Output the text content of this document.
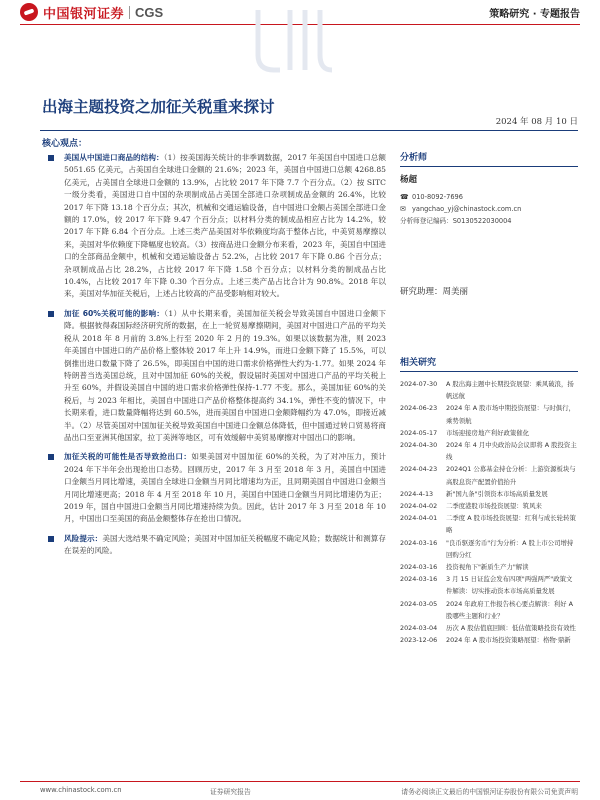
中国银河证券 CGS	策略研究 · 专题报告
出海主题投资之加征关税重来探讨
2024 年 08 月 10 日
核心观点：
美国从中国进口商品的结构：（1）按美国海关统计的非季调数据，2017 年美国自中国进口总额 5051.65 亿美元，占美国自全球进口金额的 21.6%；2023 年，美国自中国进口总额 4268.85 亿美元，占美国自全球进口金额的 13.9%，占比较 2017 年下降 7.7 个百分点。（2）按 SITC 一级分类看，美国进口自中国的杂项制成品占美国全部进口杂项制成品金额的 26.4%，比较 2017 年下降 13.18 个百分点；其次，机械和交通运输设备，自中国进口金额占美国全部进口金额的 17.0%，较 2017 年下降 9.47 个百分点；以材料分类的制成品相应占比为 14.2%，较 2017 年下降 6.84 个百分点。上述三类产品美国对华依赖度均高于整体占比，中美贸易摩擦以来，美国对华依赖度下降幅度也较高。（3）按商品进口金额分布来看，2023 年，美国自中国进口的全部商品金额中，机械和交通运输设备占 52.2%，占比较 2017 年下降 0.86 个百分点；杂项制成品占比 28.2%，占比较 2017 年下降 1.58 个百分点；以材料分类的制成品占比 10.4%，占比较 2017 年下降 0.30 个百分点。上述三类产品占比合计为 90.8%。2018 年以来，美国对华加征关税后，上述占比较高的产品受影响相对较大。
加征 60%关税可能的影响：（1）从中长期来看，美国加征关税会导致美国自中国进口金额下降。根据彼得森国际经济研究所的数据，在上一轮贸易摩擦期间，美国对中国进口产品的平均关税从 2018 年 8 月前的 3.8%上行至 2020 年 2 月的 19.3%。如果以该数据为准，则 2023 年美国自中国进口的产品价格上整体较 2017 年上升 14.9%，而进口金额下降了 15.5%，可以倒推出进口数量下降了 26.5%，即美国自中国的进口需求价格弹性大约为-1.77。如果 2024 年特朗普当选美国总统，且对中国加征 60%的关税，假设届时美国对中国进口产品的平均关税上升至 60%，并假设美国自中国的进口需求价格弹性保持-1.77 不变。那么，美国加征 60%的关税后，与 2023 年相比，美国自中国进口产品价格整体提高约 34.1%，弹性不变的情况下，中长期来看，进口数量降幅将达到 60.5%，进而美国自中国进口金额降幅约为 47.0%，即接近减半。（2）尽管美国对中国加征关税导致美国自中国进口金额总体降低，但中国通过转口贸易将商品出口至亚洲其他国家，拉丁美洲等地区，可有效缓解中美贸易摩擦对中国出口的影响。
加征关税的可能性是否导致抢出口：如果美国对中国加征 60%的关税，为了对冲压力，预计 2024 年下半年会出现抢出口态势。回顾历史，2017 年 3 月至 2018 年 3 月，美国自中国进口金额当月同比增速，美国自全球进口金额当月同比增速均为正，且同期美国自中国进口金额当月同比增速更高；2018 年 4 月至 2018 年 10 月，美国自中国进口金额当月同比增速仍为正；2019 年，国自中国进口金额当月同比增速持续为负。因此，估计 2017 年 3 月至 2018 年 10 月，中国出口至美国的商品金额整体存在抢出口情况。
风险提示：美国大选结果不确定风险；美国对中国加征关税幅度不确定风险；数据统计和测算存在误差的风险。
分析师
杨超
☎ 010-8092-7696
✉ yangchao_yj@chinastock.com.cn
分析师登记编码：S0130522030004
研究助理：周美丽
相关研究
2024-07-30	A 股出海主题中长期投资展望：乘风破浪，扬帆远航
2024-06-23	2024 年 A 股市场中期投资展望：与时俱行，乘势领航
2024-05-17	市场迎接房地产利好政策催化
2024-04-30	2024 年 4 月中央政治局会议即将 A 股投资主线
2024-04-23	2024Q1 公募基金持仓分析：上游资源板块与高股息资产配置价值抬升
2024-4-13	新"国九条"引领资本市场高质量发展
2024-04-02	二季度港股市场投资展望：筑风来
2024-04-01	二季度 A 股市场投资展望：红利与成长轮转策略
2024-03-16	"良币驱逐劣币"行为分析：A 股上市公司增持回购分红
2024-03-16	投资视角下"新质生产力"解读
2024-03-16	3 月 15 日证监会发布四项"两强两严"政策文件解读：切实推动资本市场高质量发展
2024-03-05	2024 年政府工作报告核心要点解读：利好 A 股哪些主题和行业？
2024-03-04	历次 A 股估值底回顾：低估值策略投资有效性
2023-12-06	2024 年 A 股市场投资策略展望：格物·鼎新
www.chinastock.com.cn	证券研究报告	请务必阅读正文最后的中国银河证券股份有限公司免责声明
